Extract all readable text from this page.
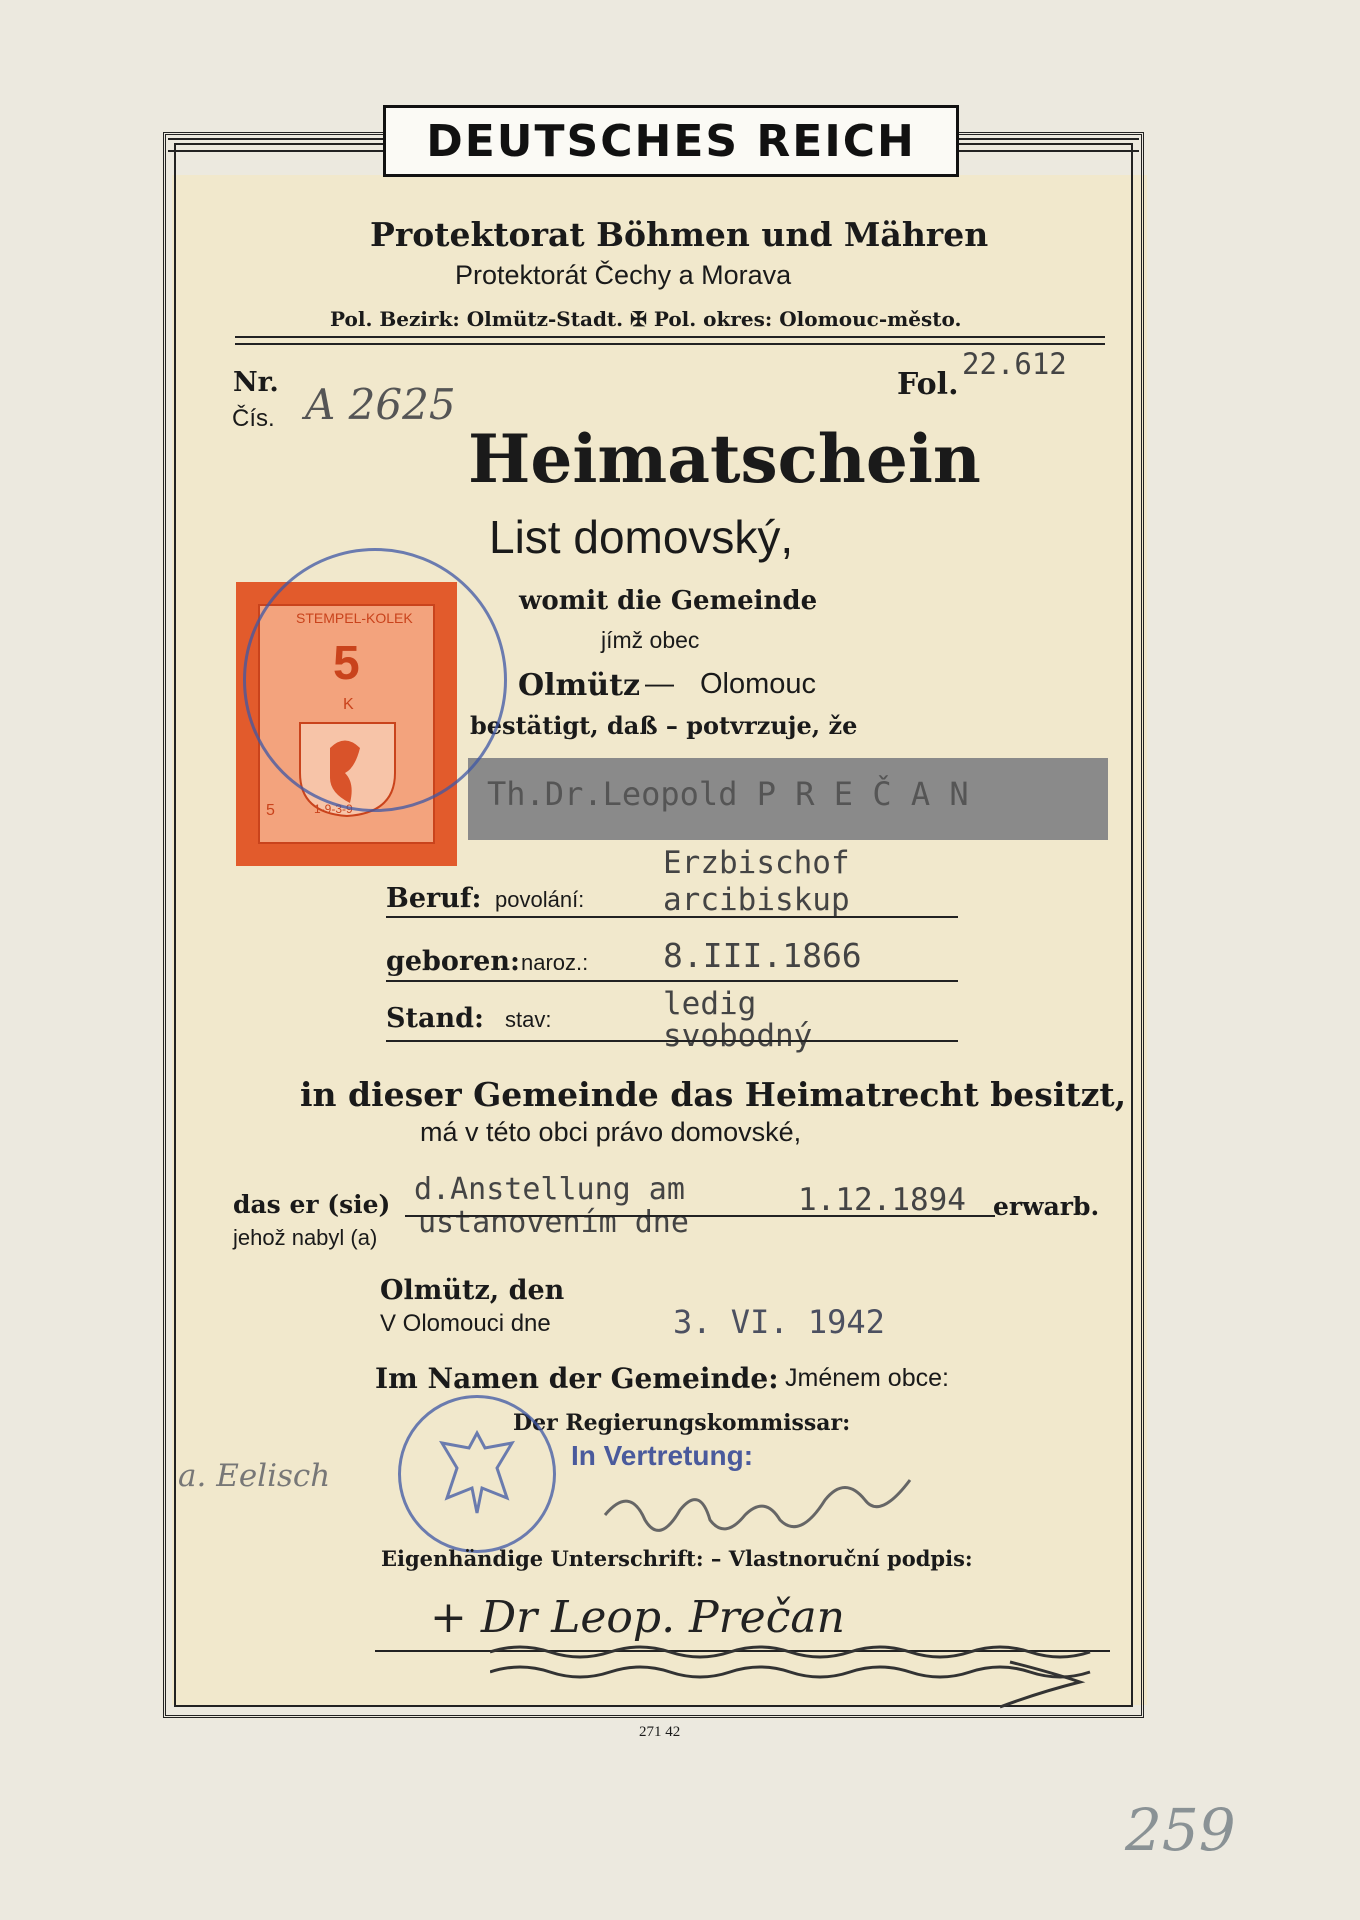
DEUTSCHES REICH
Protektorat Böhmen und Mähren
Protektorát Čechy a Morava
Pol. Bezirk: Olmütz-Stadt. ✠ Pol. okres: Olomouc-město.
Nr.
Čís. A 2625	Fol.
22.612
Heimatschein
List domovský,
womit die Gemeinde
jímž obec
Olmütz — Olomouc
bestätigt, daß – potvrzuje, že
Th.Dr.Leopold P R E Č A N
STEMPEL-KOLEK
5
K
1-9-3-9
5
Beruf: povolání:
Erzbischof
arcibiskup
geboren: naroz.: 8.III.1866
Stand: stav:	ledig
svobodný
in dieser Gemeinde das Heimatrecht besitzt,
má v této obci právo domovské,
das er (sie)
jehož nabyl (a)
d.Anstellung am
ustanovením dne
1.12.1894 erwarb.
Olmütz, den
V Olomouci dne	3. VI. 1942
Im Namen der Gemeinde: Jménem obce:
Der Regierungskommissar:
In Vertretung:
a. Eelisch
Eigenhändige Unterschrift: – Vlastnoruční podpis:
+ Dr Leop. Prečan
271 42
259
